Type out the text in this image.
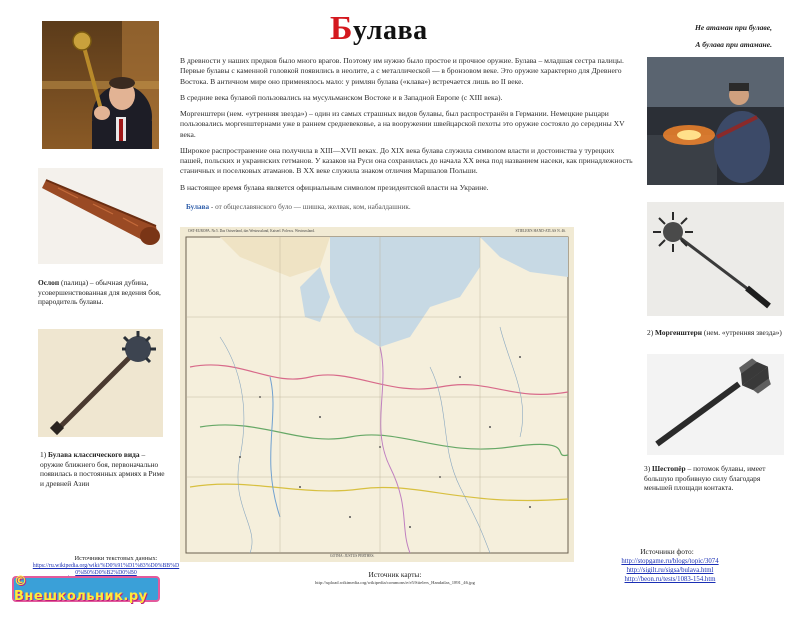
Булава	Не атаман при булаве,
А булава при атамане.
Ослоп (палица) – обычная дубина, усовершенствованная для ведения боя, прародитель булавы.
1) Булава классического вида – оружие ближнего боя, первоначально появилась в постоянных армиях в Риме и древней Азии

В древности у наших предков было много врагов. Поэтому им нужно было простое и прочное оружие. Булава – младшая сестра палицы. Первые булавы с каменной головкой появились в неолите, а с металлической — в бронзовом веке. Это оружие характерно для Древнего Востока. В античном мире оно применялось мало: у римлян булава («клава») встречается лишь во II веке.

В средние века булавой пользовались на мусульманском Востоке и в Западной Европе (с XIII века).

Моргенштерн (нем. «утренняя звезда») – один из самых страшных видов булавы, был распространён в Германии. Немецкие рыцари пользовались моргенштернами уже в раннем средневековье, а на вооружении швейцарской пехоты это оружие состояло до середины XV века.

Широкое распространение она получила в XIII—XVII веках. До XIX века булава служила символом власти и достоинства у турецких пашей, польских и украинских гетманов. У казаков на Руси она сохранилась до начала XX века под названием насеки, как принадлежность станичных и поселковых атаманов. В XX веке служила знаком отличия Маршалов Польши.

В настоящее время булава является официальным символом президентской власти на Украине.

Булава - от общеславянского було — шишка, желвак, ком, набалдашник.
OST-EUROPA. Nr.5. Das Ostseeland, das Westrussland, Kaiserl. Polen u. Westrussland.	STIELER'S HAND-ATLAS N. 46.
GOTHA: JUSTUS PERTHES.
2) Моргенштерн (нем. «утренняя звезда»)
3) Шестопёр – потомок булавы, имеет большую пробивную силу благодаря меньшей площади контакта.
Источники текстовых данных:
https://ru.wikipedia.org/wiki/%D0%91%D1%83%D0%BB%D0%B0%D0%B2%D0%B0

© Внешкольник.ру
Источник карты:
http://upload.wikimedia.org/wikipedia/commons/e/e5/Stielers_Handatlas_1891_46.jpg
Источники фото:
http://stopgame.ru/blogs/topic/3074
http://sigilt.ru/sigsa/bulava.html
http://beon.ru/tests/1083-154.htm
